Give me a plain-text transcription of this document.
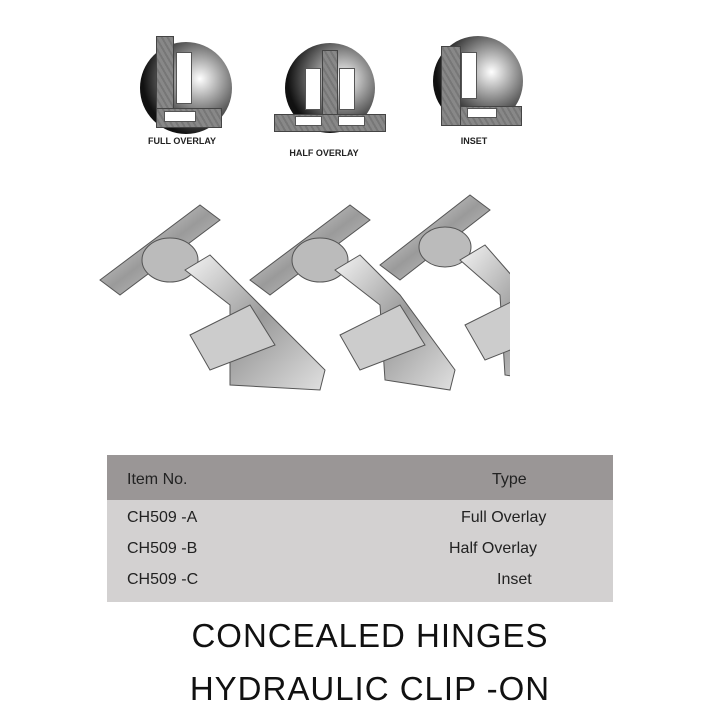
FULL OVERLAY
HALF OVERLAY
INSET
Item No.	Type
CH509 -A	Full Overlay
CH509 -B	Half Overlay
CH509 -C	Inset
CONCEALED HINGES
HYDRAULIC CLIP -ON
